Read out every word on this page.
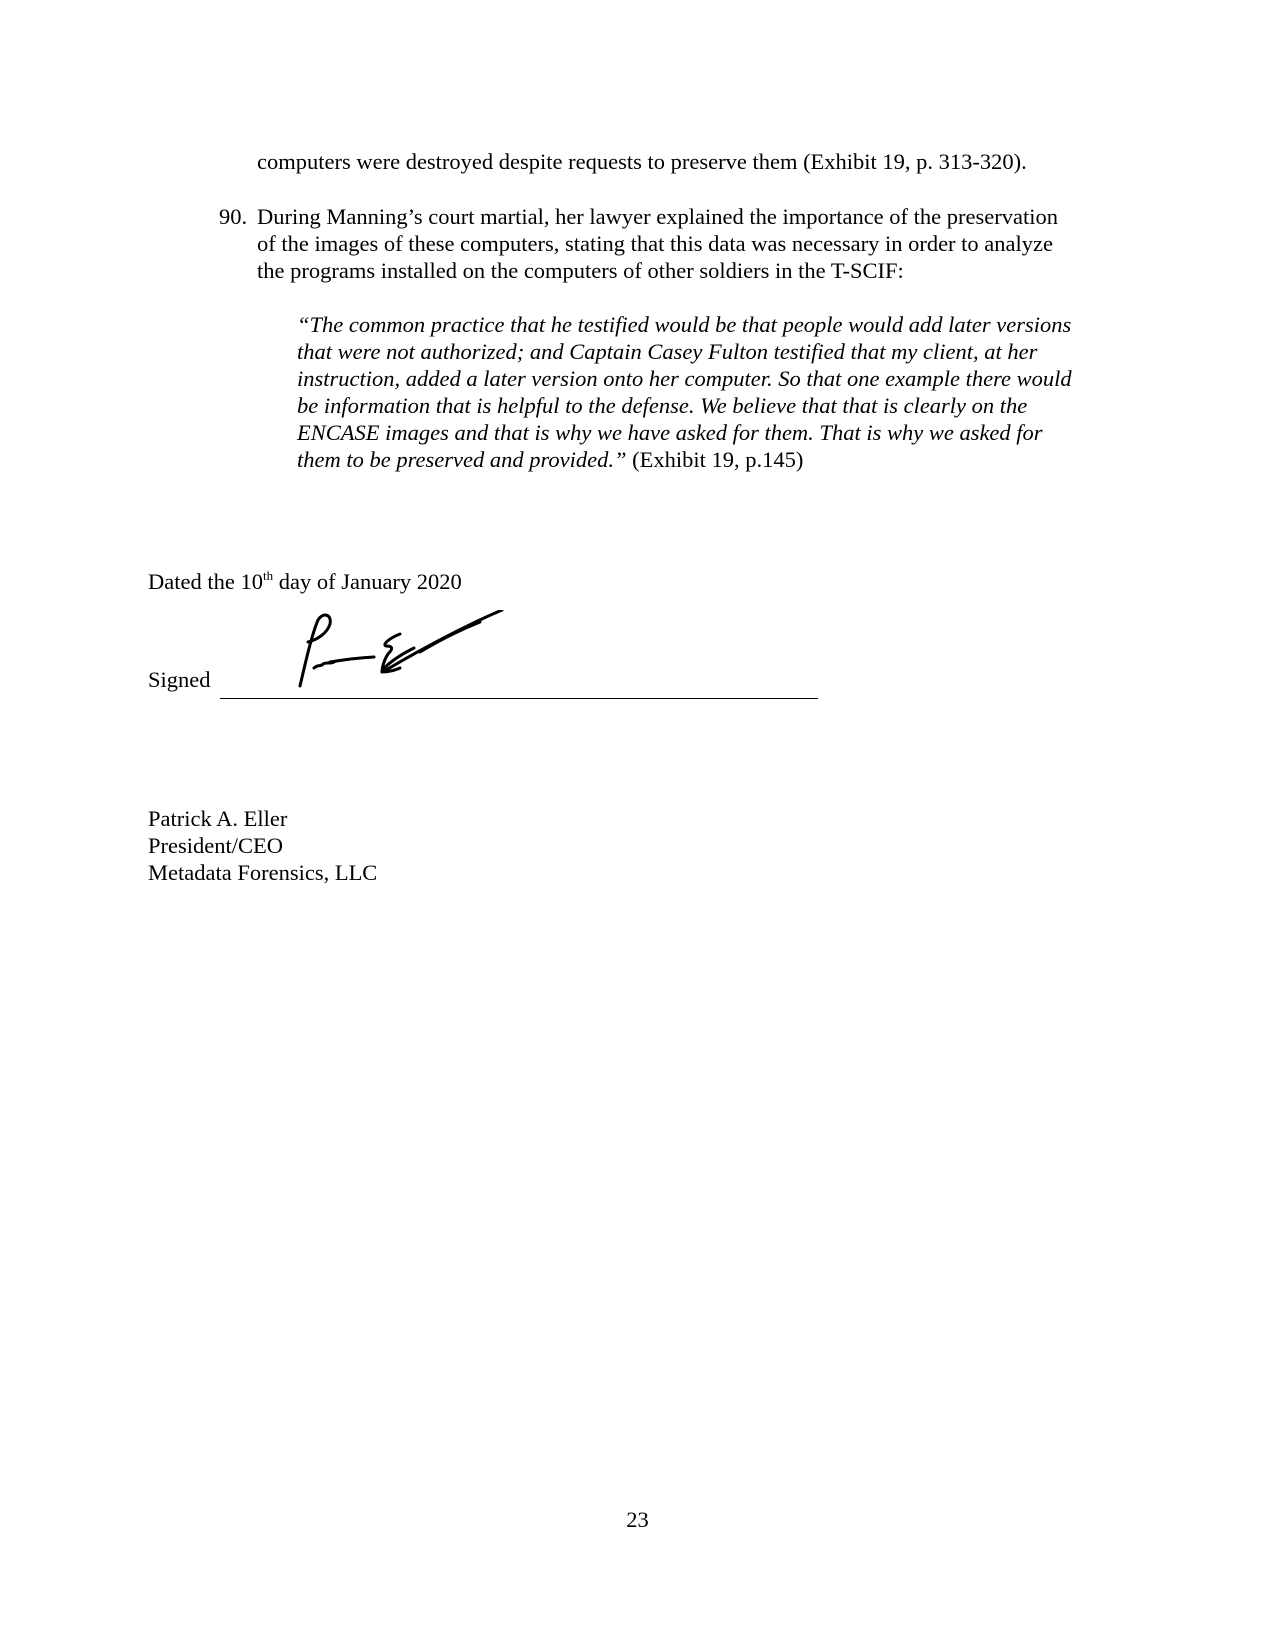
computers were destroyed despite requests to preserve them (Exhibit 19, p. 313-320).
90. During Manning’s court martial, her lawyer explained the importance of the preservation
of the images of these computers, stating that this data was necessary in order to analyze
the programs installed on the computers of other soldiers in the T-SCIF:
“The common practice that he testified would be that people would add later versions
that were not authorized; and Captain Casey Fulton testified that my client, at her
instruction, added a later version onto her computer. So that one example there would
be information that is helpful to the defense. We believe that that is clearly on the
ENCASE images and that is why we have asked for them. That is why we asked for
them to be preserved and provided.” (Exhibit 19, p.145)
Dated the 10th day of January 2020
Signed
Patrick A. Eller
President/CEO
Metadata Forensics, LLC
23
